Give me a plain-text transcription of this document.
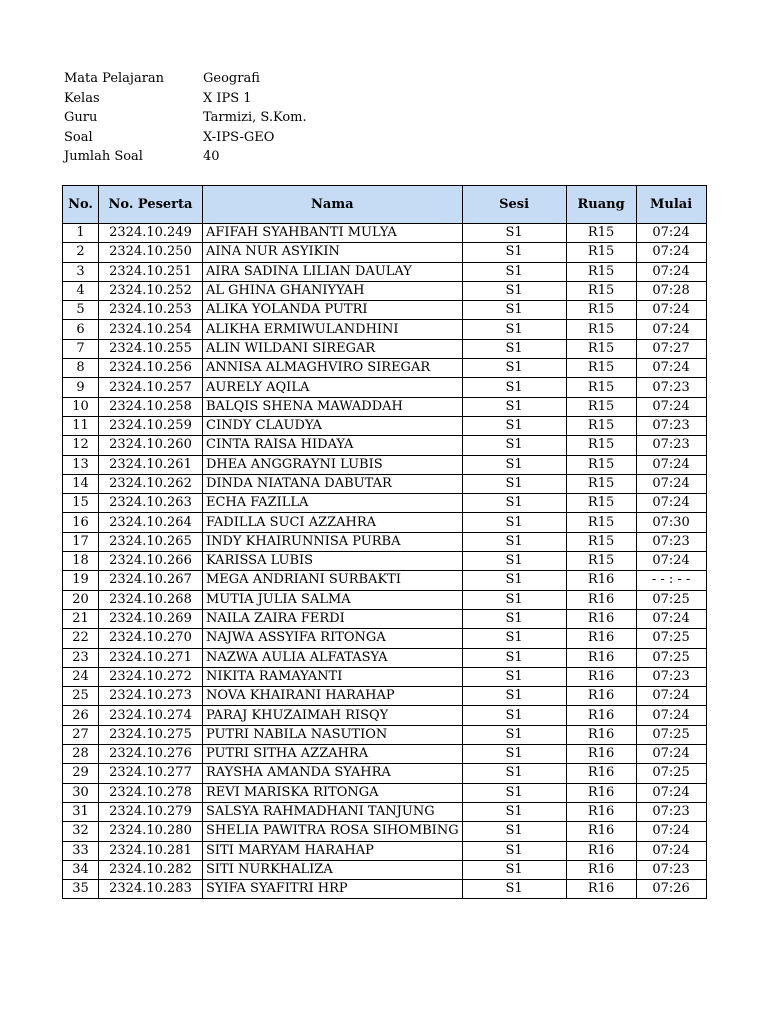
Mata Pelajaran	Geografi
Kelas	X IPS 1
Guru	Tarmizi, S.Kom.
Soal	X-IPS-GEO
Jumlah Soal	40
No.	No. Peserta	Nama	Sesi	Ruang	Mulai
1	2324.10.249	AFIFAH SYAHBANTI MULYA	S1	R15	07:24
2	2324.10.250	AINA NUR ASYIKIN	S1	R15	07:24
3	2324.10.251	AIRA SADINA LILIAN DAULAY	S1	R15	07:24
4	2324.10.252	AL GHINA GHANIYYAH	S1	R15	07:28
5	2324.10.253	ALIKA YOLANDA PUTRI	S1	R15	07:24
6	2324.10.254	ALIKHA ERMIWULANDHINI	S1	R15	07:24
7	2324.10.255	ALIN WILDANI SIREGAR	S1	R15	07:27
8	2324.10.256	ANNISA ALMAGHVIRO SIREGAR	S1	R15	07:24
9	2324.10.257	AURELY AQILA	S1	R15	07:23
10	2324.10.258	BALQIS SHENA MAWADDAH	S1	R15	07:24
11	2324.10.259	CINDY CLAUDYA	S1	R15	07:23
12	2324.10.260	CINTA RAISA HIDAYA	S1	R15	07:23
13	2324.10.261	DHEA ANGGRAYNI LUBIS	S1	R15	07:24
14	2324.10.262	DINDA NIATANA DABUTAR	S1	R15	07:24
15	2324.10.263	ECHA FAZILLA	S1	R15	07:24
16	2324.10.264	FADILLA SUCI AZZAHRA	S1	R15	07:30
17	2324.10.265	INDY KHAIRUNNISA PURBA	S1	R15	07:23
18	2324.10.266	KARISSA LUBIS	S1	R15	07:24
19	2324.10.267	MEGA ANDRIANI SURBAKTI	S1	R16	- - : - -
20	2324.10.268	MUTIA JULIA SALMA	S1	R16	07:25
21	2324.10.269	NAILA ZAIRA FERDI	S1	R16	07:24
22	2324.10.270	NAJWA ASSYIFA RITONGA	S1	R16	07:25
23	2324.10.271	NAZWA AULIA ALFATASYA	S1	R16	07:25
24	2324.10.272	NIKITA RAMAYANTI	S1	R16	07:23
25	2324.10.273	NOVA KHAIRANI HARAHAP	S1	R16	07:24
26	2324.10.274	PARAJ KHUZAIMAH RISQY	S1	R16	07:24
27	2324.10.275	PUTRI NABILA NASUTION	S1	R16	07:25
28	2324.10.276	PUTRI SITHA AZZAHRA	S1	R16	07:24
29	2324.10.277	RAYSHA AMANDA SYAHRA	S1	R16	07:25
30	2324.10.278	REVI MARISKA RITONGA	S1	R16	07:24
31	2324.10.279	SALSYA RAHMADHANI TANJUNG	S1	R16	07:23
32	2324.10.280	SHELIA PAWITRA ROSA SIHOMBING	S1	R16	07:24
33	2324.10.281	SITI MARYAM HARAHAP	S1	R16	07:24
34	2324.10.282	SITI NURKHALIZA	S1	R16	07:23
35	2324.10.283	SYIFA SYAFITRI HRP	S1	R16	07:26
